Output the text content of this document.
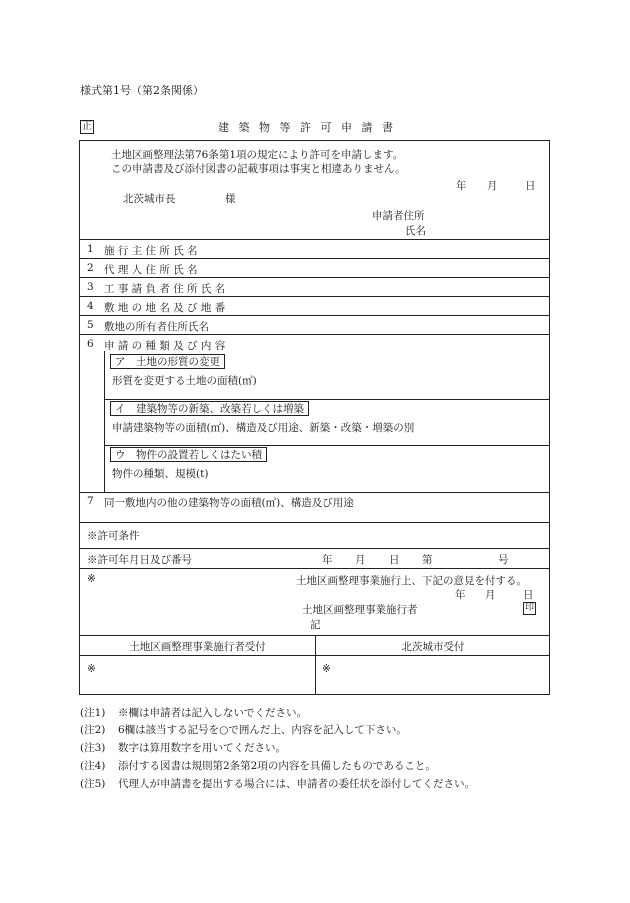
様式第1号（第2条関係）
正	建築物等許可申請書
土地区画整理法第76条第1項の規定により許可を申請します。
この申請書及び添付図書の記載事項は事実と相違ありません。
年 月	日
北茨城市長	様
申請者住所
氏名
1 施 行 主 住 所 氏 名
2 代 理 人 住 所 氏 名
3 工 事 請 負 者 住 所 氏 名
4 敷 地 の 地 名 及 び 地 番
5 敷地の所有者住所氏名
6 申 請 の 種 類 及 び 内 容
ア　土地の形質の変更
形質を変更する土地の面積(㎡)
イ　建築物等の新築、改築若しくは増築
申請建築物等の面積(㎡)、構造及び用途、新築・改築・増築の別
ウ　物件の設置若しくはたい積
物件の種類、規模(t)
7 同一敷地内の他の建築物等の面積(㎡)、構造及び用途
※許可条件
※許可年月日及び番号	年 月 日 第	号
※	土地区画整理事業施行上、下記の意見を付する。
年 月	日
土地区画整理事業施行者	印
記
土地区画整理事業施行者受付	北茨城市受付
※	※
(注1) ※欄は申請者は記入しないでください。
(注2) 6欄は該当する記号を○で囲んだ上、内容を記入して下さい。
(注3) 数字は算用数字を用いてください。
(注4) 添付する図書は規則第2条第2項の内容を具備したものであること。
(注5) 代理人が申請書を提出する場合には、申請者の委任状を添付してください。
